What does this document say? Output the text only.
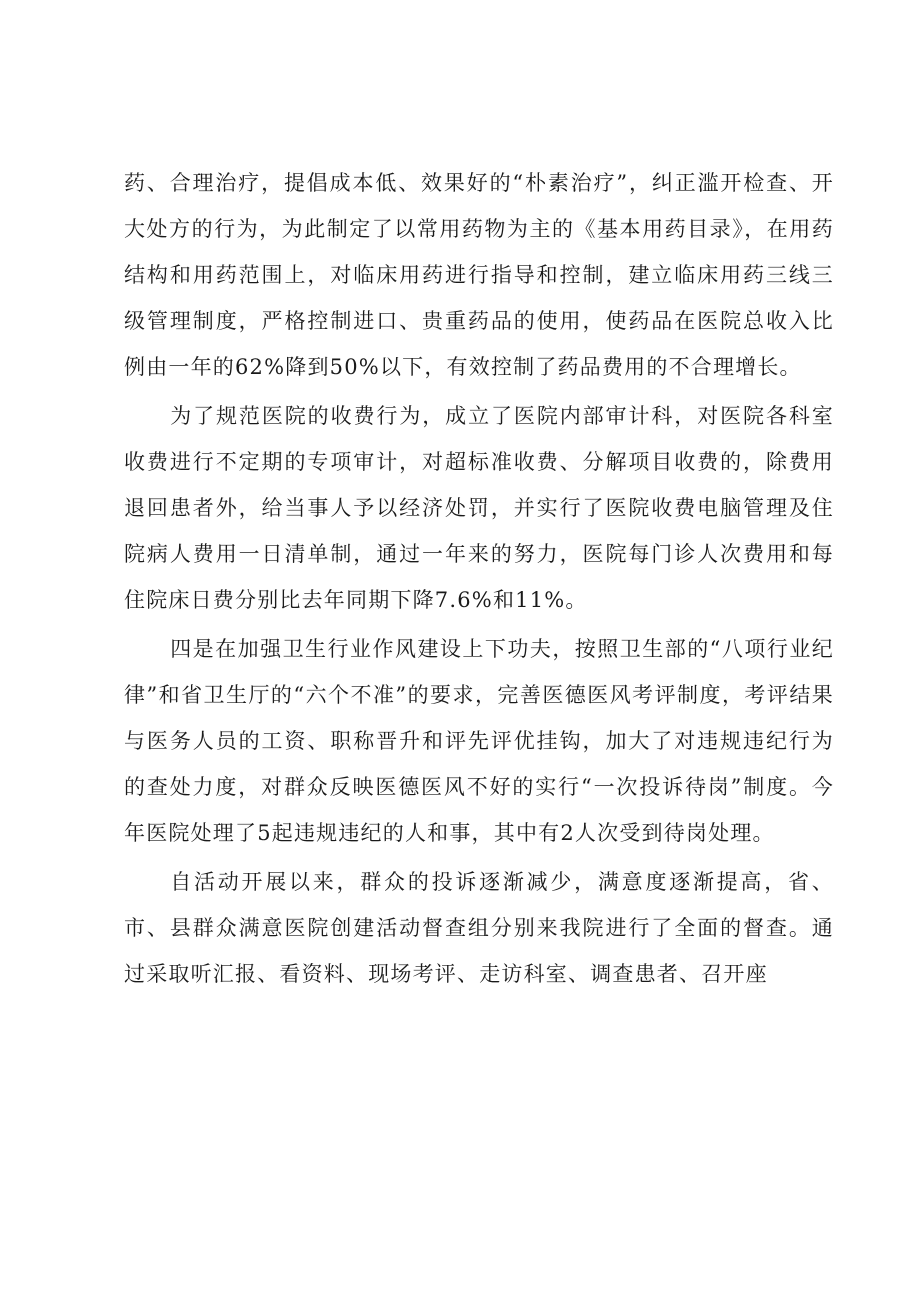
药、合理治疗，提倡成本低、效果好的“朴素治疗”，纠正滥开检查、开大处方的行为，为此制定了以常用药物为主的《基本用药目录》，在用药结构和用药范围上，对临床用药进行指导和控制，建立临床用药三线三级管理制度，严格控制进口、贵重药品的使用，使药品在医院总收入比例由一年的62%降到50%以下，有效控制了药品费用的不合理增长。

为了规范医院的收费行为，成立了医院内部审计科，对医院各科室收费进行不定期的专项审计，对超标准收费、分解项目收费的，除费用退回患者外，给当事人予以经济处罚，并实行了医院收费电脑管理及住院病人费用一日清单制，通过一年来的努力，医院每门诊人次费用和每住院床日费分别比去年同期下降7.6%和11%。

四是在加强卫生行业作风建设上下功夫，按照卫生部的“八项行业纪律”和省卫生厅的“六个不准”的要求，完善医德医风考评制度，考评结果与医务人员的工资、职称晋升和评先评优挂钩，加大了对违规违纪行为的查处力度，对群众反映医德医风不好的实行“一次投诉待岗”制度。今年医院处理了5起违规违纪的人和事，其中有2人次受到待岗处理。

自活动开展以来，群众的投诉逐渐减少，满意度逐渐提高，省、市、县群众满意医院创建活动督查组分别来我院进行了全面的督查。通过采取听汇报、看资料、现场考评、走访科室、调查患者、召开座
